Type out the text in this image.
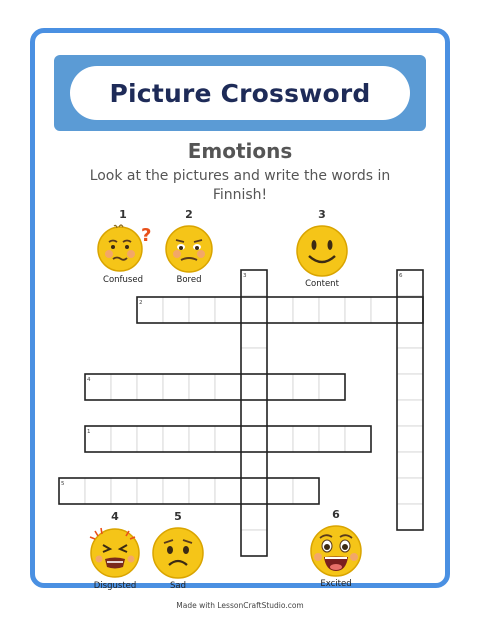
Picture Crossword
Emotions
Look at the pictures and write the words in Finnish!
3	6
2
4
1
5
1
?
Confused
2
Bored
3
Content
4
Disgusted
5
Sad
6
Excited
Made with LessonCraftStudio.com
